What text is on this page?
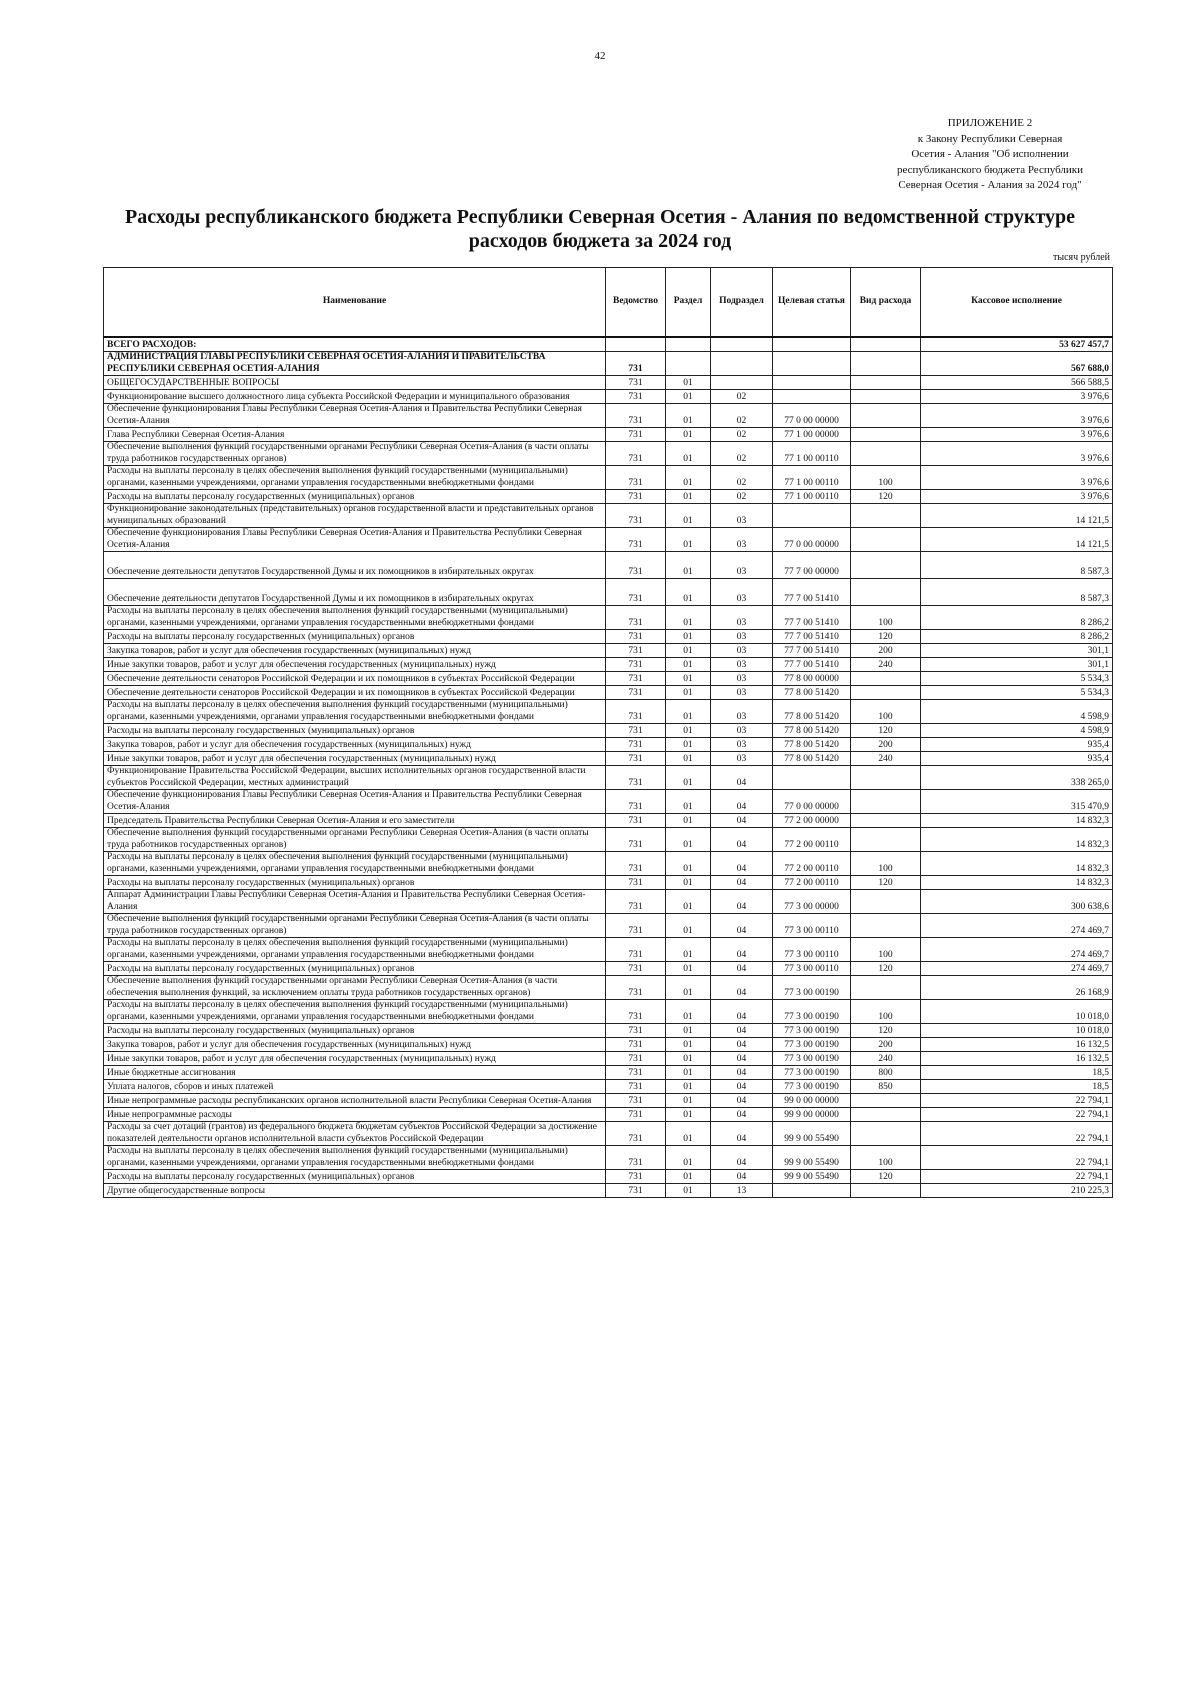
42
ПРИЛОЖЕНИЕ 2
к Закону Республики Северная
Осетия - Алания "Об исполнении
республиканского бюджета Республики
Северная Осетия - Алания за 2024 год"
Расходы республиканского бюджета Республики Северная Осетия - Алания по ведомственной структуре
расходов бюджета за 2024 год
тысяч рублей
Наименование	Ведомство	Раздел	Подраздел	Целевая статья	Вид расхода	Кассовое исполнение
ВСЕГО РАСХОДОВ:						53 627 457,7
АДМИНИСТРАЦИЯ ГЛАВЫ РЕСПУБЛИКИ СЕВЕРНАЯ ОСЕТИЯ-АЛАНИЯ И ПРАВИТЕЛЬСТВА РЕСПУБЛИКИ СЕВЕРНАЯ ОСЕТИЯ-АЛАНИЯ	731					567 688,0
ОБЩЕГОСУДАРСТВЕННЫЕ ВОПРОСЫ	731	01				566 588,5
Функционирование высшего должностного лица субъекта Российской Федерации и муниципального образования	731	01	02			3 976,6
Обеспечение функционирования Главы Республики Северная Осетия-Алания и Правительства Республики Северная Осетия-Алания	731	01	02	77 0 00 00000		3 976,6
Глава Республики Северная Осетия-Алания	731	01	02	77 1 00 00000		3 976,6
Обеспечение выполнения функций государственными органами Республики Северная Осетия-Алания (в части оплаты труда работников государственных органов)	731	01	02	77 1 00 00110		3 976,6
Расходы на выплаты персоналу в целях обеспечения выполнения функций государственными (муниципальными) органами, казенными учреждениями, органами управления государственными внебюджетными фондами	731	01	02	77 1 00 00110	100	3 976,6
Расходы на выплаты персоналу государственных (муниципальных) органов	731	01	02	77 1 00 00110	120	3 976,6
Функционирование законодательных (представительных) органов государственной власти и представительных органов муниципальных образований	731	01	03			14 121,5
Обеспечение функционирования Главы Республики Северная Осетия-Алания и Правительства Республики Северная Осетия-Алания	731	01	03	77 0 00 00000		14 121,5
Обеспечение деятельности депутатов Государственной Думы и их помощников в избирательных округах	731	01	03	77 7 00 00000		8 587,3
Обеспечение деятельности депутатов Государственной Думы и их помощников в избирательных округах	731	01	03	77 7 00 51410		8 587,3
Расходы на выплаты персоналу в целях обеспечения выполнения функций государственными (муниципальными) органами, казенными учреждениями, органами управления государственными внебюджетными фондами	731	01	03	77 7 00 51410	100	8 286,2
Расходы на выплаты персоналу государственных (муниципальных) органов	731	01	03	77 7 00 51410	120	8 286,2
Закупка товаров, работ и услуг для обеспечения государственных (муниципальных) нужд	731	01	03	77 7 00 51410	200	301,1
Иные закупки товаров, работ и услуг для обеспечения государственных (муниципальных) нужд	731	01	03	77 7 00 51410	240	301,1
Обеспечение деятельности сенаторов Российской Федерации и их помощников в субъектах Российской Федерации	731	01	03	77 8 00 00000		5 534,3
Обеспечение деятельности сенаторов Российской Федерации и их помощников в субъектах Российской Федерации	731	01	03	77 8 00 51420		5 534,3
Расходы на выплаты персоналу в целях обеспечения выполнения функций государственными (муниципальными) органами, казенными учреждениями, органами управления государственными внебюджетными фондами	731	01	03	77 8 00 51420	100	4 598,9
Расходы на выплаты персоналу государственных (муниципальных) органов	731	01	03	77 8 00 51420	120	4 598,9
Закупка товаров, работ и услуг для обеспечения государственных (муниципальных) нужд	731	01	03	77 8 00 51420	200	935,4
Иные закупки товаров, работ и услуг для обеспечения государственных (муниципальных) нужд	731	01	03	77 8 00 51420	240	935,4
Функционирование Правительства Российской Федерации, высших исполнительных органов государственной власти субъектов Российской Федерации, местных администраций	731	01	04			338 265,0
Обеспечение функционирования Главы Республики Северная Осетия-Алания и Правительства Республики Северная Осетия-Алания	731	01	04	77 0 00 00000		315 470,9
Председатель Правительства Республики Северная Осетия-Алания и его заместители	731	01	04	77 2 00 00000		14 832,3
Обеспечение выполнения функций государственными органами Республики Северная Осетия-Алания (в части оплаты труда работников государственных органов)	731	01	04	77 2 00 00110		14 832,3
Расходы на выплаты персоналу в целях обеспечения выполнения функций государственными (муниципальными) органами, казенными учреждениями, органами управления государственными внебюджетными фондами	731	01	04	77 2 00 00110	100	14 832,3
Расходы на выплаты персоналу государственных (муниципальных) органов	731	01	04	77 2 00 00110	120	14 832,3
Аппарат Администрации Главы Республики Северная Осетия-Алания и Правительства Республики Северная Осетия-Алания	731	01	04	77 3 00 00000		300 638,6
Обеспечение выполнения функций государственными органами Республики Северная Осетия-Алания (в части оплаты труда работников государственных органов)	731	01	04	77 3 00 00110		274 469,7
Расходы на выплаты персоналу в целях обеспечения выполнения функций государственными (муниципальными) органами, казенными учреждениями, органами управления государственными внебюджетными фондами	731	01	04	77 3 00 00110	100	274 469,7
Расходы на выплаты персоналу государственных (муниципальных) органов	731	01	04	77 3 00 00110	120	274 469,7
Обеспечение выполнения функций государственными органами Республики Северная Осетия-Алания (в части обеспечения выполнения функций, за исключением оплаты труда работников государственных органов)	731	01	04	77 3 00 00190		26 168,9
Расходы на выплаты персоналу в целях обеспечения выполнения функций государственными (муниципальными) органами, казенными учреждениями, органами управления государственными внебюджетными фондами	731	01	04	77 3 00 00190	100	10 018,0
Расходы на выплаты персоналу государственных (муниципальных) органов	731	01	04	77 3 00 00190	120	10 018,0
Закупка товаров, работ и услуг для обеспечения государственных (муниципальных) нужд	731	01	04	77 3 00 00190	200	16 132,5
Иные закупки товаров, работ и услуг для обеспечения государственных (муниципальных) нужд	731	01	04	77 3 00 00190	240	16 132,5
Иные бюджетные ассигнования	731	01	04	77 3 00 00190	800	18,5
Уплата налогов, сборов и иных платежей	731	01	04	77 3 00 00190	850	18,5
Иные непрограммные расходы республиканских органов исполнительной власти Республики Северная Осетия-Алания	731	01	04	99 0 00 00000		22 794,1
Иные непрограммные расходы	731	01	04	99 9 00 00000		22 794,1
Расходы за счет дотаций (грантов) из федерального бюджета бюджетам субъектов Российской Федерации за достижение показателей деятельности органов исполнительной власти субъектов Российской Федерации	731	01	04	99 9 00 55490		22 794,1
Расходы на выплаты персоналу в целях обеспечения выполнения функций государственными (муниципальными) органами, казенными учреждениями, органами управления государственными внебюджетными фондами	731	01	04	99 9 00 55490	100	22 794,1
Расходы на выплаты персоналу государственных (муниципальных) органов	731	01	04	99 9 00 55490	120	22 794,1
Другие общегосударственные вопросы	731	01	13			210 225,3
